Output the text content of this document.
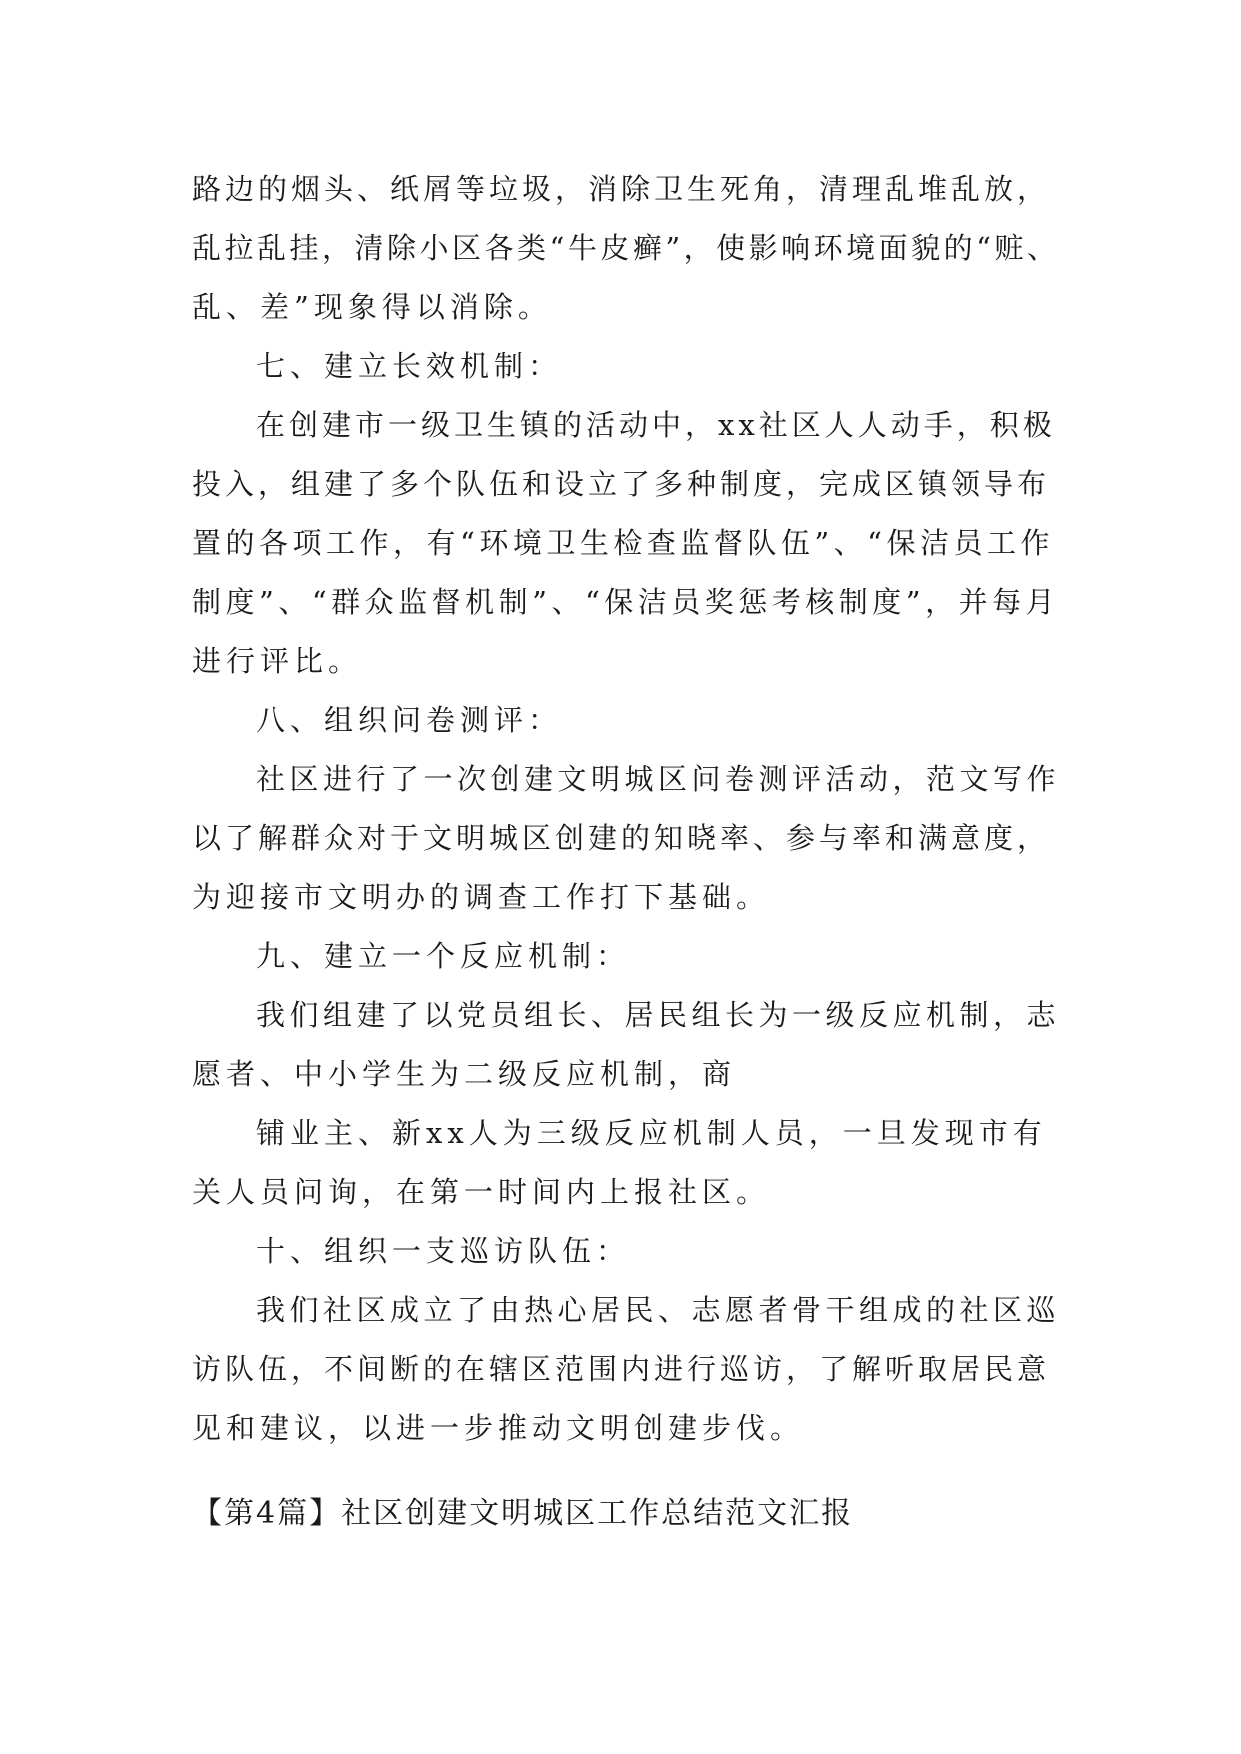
路边的烟头、纸屑等垃圾，消除卫生死角，清理乱堆乱放，
乱拉乱挂，清除小区各类“牛皮癣”，使影响环境面貌的“赃、
乱、差”现象得以消除。
七、建立长效机制：
在创建市一级卫生镇的活动中，xx社区人人动手，积极
投入，组建了多个队伍和设立了多种制度，完成区镇领导布
置的各项工作，有“环境卫生检查监督队伍”、“保洁员工作
制度”、“群众监督机制”、“保洁员奖惩考核制度”，并每月
进行评比。
八、组织问卷测评：
社区进行了一次创建文明城区问卷测评活动，范文写作
以了解群众对于文明城区创建的知晓率、参与率和满意度，
为迎接市文明办的调查工作打下基础。
九、建立一个反应机制：
我们组建了以党员组长、居民组长为一级反应机制，志
愿者、中小学生为二级反应机制，商
铺业主、新xx人为三级反应机制人员，一旦发现市有
关人员问询，在第一时间内上报社区。
十、组织一支巡访队伍：
我们社区成立了由热心居民、志愿者骨干组成的社区巡
访队伍，不间断的在辖区范围内进行巡访，了解听取居民意
见和建议，以进一步推动文明创建步伐。
【第4篇】社区创建文明城区工作总结范文汇报
